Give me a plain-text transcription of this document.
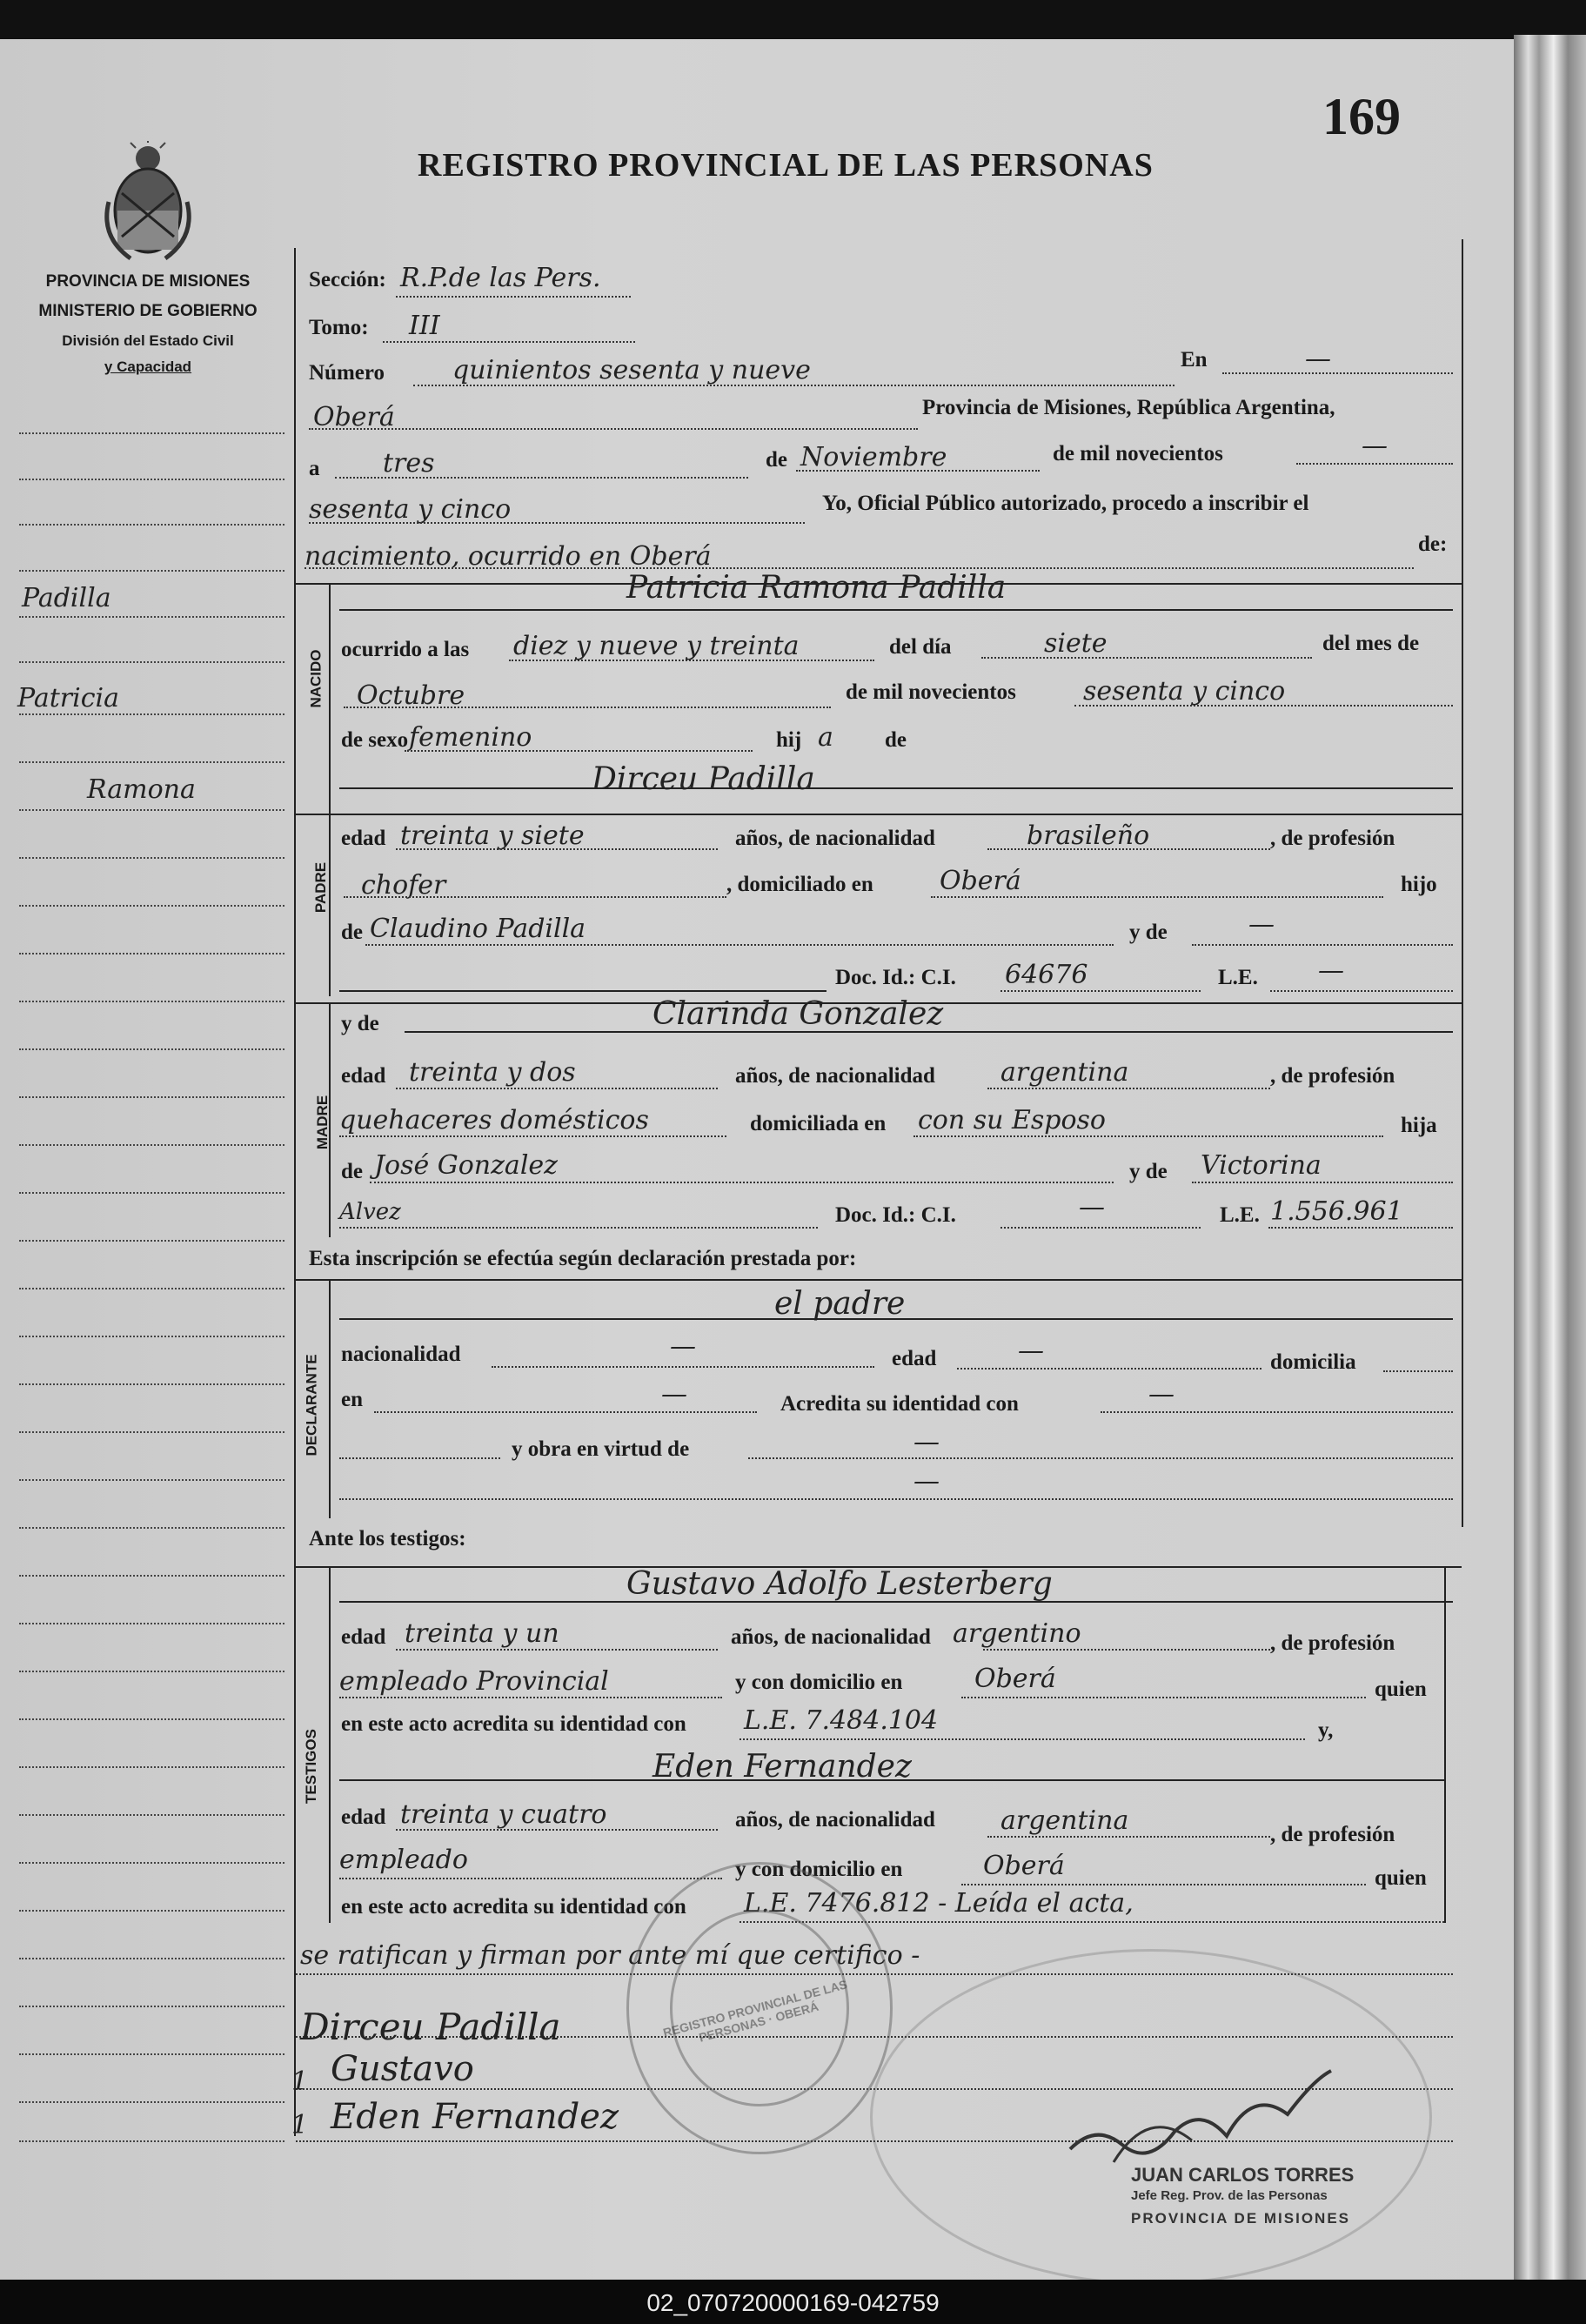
169
REGISTRO PROVINCIAL DE LAS PERSONAS
PROVINCIA DE MISIONES
MINISTERIO DE GOBIERNO
División del Estado Civil
y Capacidad
Padilla
Patricia
Ramona
Sección: R.P.de las Pers.
Tomo: III
Número	quinientos sesenta y nueve	En	—
Oberá	Provincia de Misiones, República Argentina,
a tres	de Noviembre	de mil novecientos	—
sesenta y cinco	Yo, Oficial Público autorizado, procedo a inscribir el
nacimiento, ocurrido en Oberá	de:
NACIDO
Patricia Ramona Padilla
ocurrido a las diez y nueve y treinta	del día	siete	del mes de
Octubre	de mil novecientos	sesenta y cinco
de sexo femenino	hij a de
Dirceu Padilla
PADRE
edad treinta y siete	años, de nacionalidad	brasileño	, de profesión
chofer	, domiciliado en	Oberá	hijo
de Claudino Padilla	y de	—
Doc. Id.: C.I. 64676	L.E. —
y de	Clarinda Gonzalez
MADRE
edad treinta y dos	años, de nacionalidad	argentina	, de profesión
quehaceres domésticos	domiciliada en con su Esposo	hija
de José Gonzalez	y de Victorina
Alvez	Doc. Id.: C.I.	—	L.E. 1.556.961
Esta inscripción se efectúa según declaración prestada por:
el padre
DECLARANTE nacionalidad	—	edad	—	domicilia
en	—	Acredita su identidad con	—
y obra en virtud de	—
—
Ante los testigos:
Gustavo Adolfo Lesterberg
TESTIGOS
edad treinta y un	años, de nacionalidad argentino	, de profesión
empleado Provincial	y con domicilio en	Oberá	quien
en este acto acredita su identidad con L.E. 7.484.104	y,
Eden Fernandez
edad treinta y cuatro	años, de nacionalidad	argentina	, de profesión
empleado	y con domicilio en	Oberá	quien
en este acto acredita su identidad con L.E. 7476.812 - Leída el acta,
se ratifican y firman por ante mí que certifico -
Dirceu Padilla
1 Gustavo
1 Eden Fernandez
REGISTRO PROVINCIAL DE LAS PERSONAS · OBERÁ
JUAN CARLOS TORRES
Jefe Reg. Prov. de las Personas
PROVINCIA DE MISIONES
02_070720000169-042759
